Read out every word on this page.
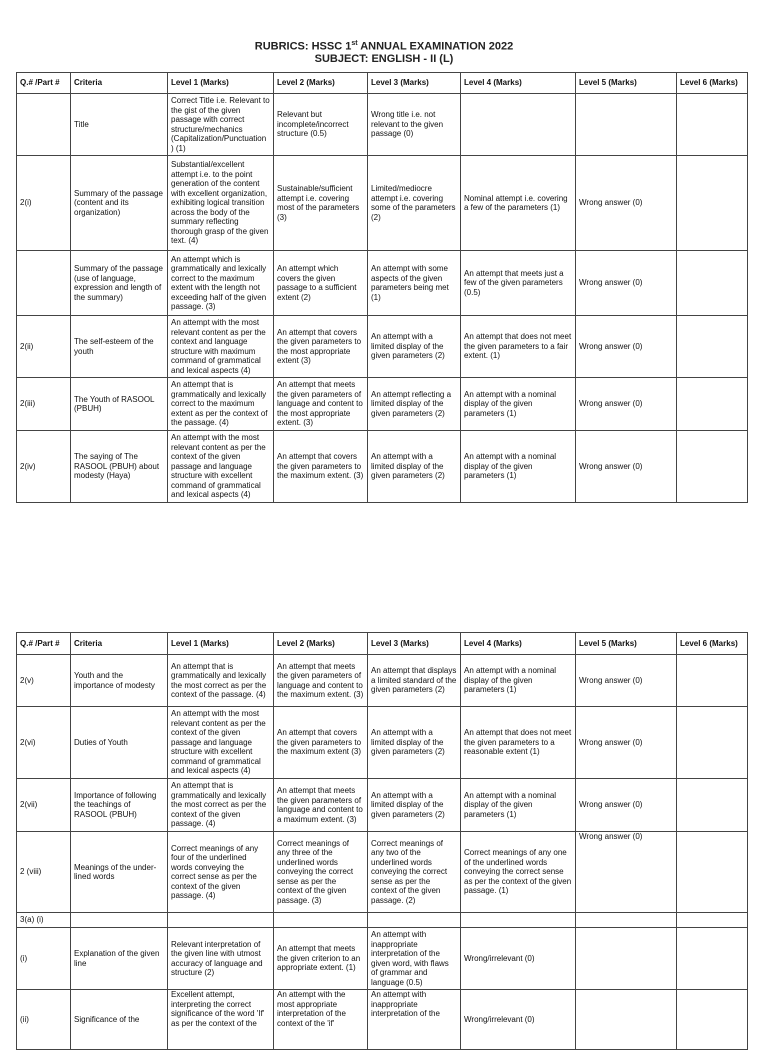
RUBRICS: HSSC 1st ANNUAL EXAMINATION 2022
SUBJECT: ENGLISH - II (L)
Q.# /Part #	Criteria	Level 1 (Marks)	Level 2 (Marks)	Level 3 (Marks)	Level 4 (Marks)	Level 5 (Marks)	Level 6 (Marks)
	Title	Correct Title i.e. Relevant to the gist of the given passage with correct structure/mechanics (Capitalization/Punctuation ) (1)	Relevant but incomplete/incorrect structure (0.5)	Wrong title i.e. not relevant to the given passage (0)			
2(i)	Summary of the passage (content and its organization)	Substantial/excellent attempt i.e. to the point generation of the content with excellent organization, exhibiting logical transition across the body of the summary reflecting thorough grasp of the given text. (4)	Sustainable/sufficient attempt i.e. covering most of the parameters (3)	Limited/mediocre attempt i.e. covering some of the parameters (2)	Nominal attempt i.e. covering a few of the parameters (1)	Wrong answer (0)	
	Summary of the passage (use of language, expression and length of the summary)	An attempt which is grammatically and lexically correct to the maximum extent with the length not exceeding half of the given passage. (3)	An attempt which covers the given passage to a sufficient extent (2)	An attempt with some aspects of the given parameters being met (1)	An attempt that meets just a few of the given parameters (0.5)	Wrong answer (0)	
2(ii)	The self-esteem of the youth	An attempt with the most relevant content as per the context and language structure with maximum command of grammatical and lexical aspects (4)	An attempt that covers the given parameters to the most appropriate extent (3)	An attempt with a limited display of the given parameters (2)	An attempt that does not meet the given parameters to a fair extent. (1)	Wrong answer (0)	
2(iii)	The Youth of RASOOL (PBUH)	An attempt that is grammatically and lexically correct to the maximum extent as per the context of the passage. (4)	An attempt that meets the given parameters of language and content to the most appropriate extent. (3)	An attempt reflecting a limited display of the given parameters (2)	An attempt with a nominal display of the given parameters (1)	Wrong answer (0)	
2(iv)	The saying of The RASOOL (PBUH) about modesty (Haya)	An attempt with the most relevant content as per the context of the given passage and language structure with excellent command of grammatical and lexical aspects (4)	An attempt that covers the given parameters to the maximum extent. (3)	An attempt with a limited display of the given parameters (2)	An attempt with a nominal display of the given parameters (1)	Wrong answer (0)	
Q.# /Part #	Criteria	Level 1 (Marks)	Level 2 (Marks)	Level 3 (Marks)	Level 4 (Marks)	Level 5 (Marks)	Level 6 (Marks)
2(v)	Youth and the importance of modesty	An attempt that is grammatically and lexically the most correct as per the context of the passage. (4)	An attempt that meets the given parameters of language and content to the maximum extent. (3)	An attempt that displays a limited standard of the given parameters (2)	An attempt with a nominal display of the given parameters (1)	Wrong answer (0)	
2(vi)	Duties of Youth	An attempt with the most relevant content as per the context of the given passage and language structure with excellent command of grammatical and lexical aspects (4)	An attempt that covers the given parameters to the maximum extent (3)	An attempt with a limited display of the given parameters (2)	An attempt that does not meet the given parameters to a reasonable extent (1)	Wrong answer (0)	
2(vii)	Importance of following the teachings of RASOOL (PBUH)	An attempt that is grammatically and lexically the most correct as per the context of the given passage. (4)	An attempt that meets the given parameters of language and content to a maximum extent. (3)	An attempt with a limited display of the given parameters (2)	An attempt with a nominal display of the given parameters (1)	Wrong answer (0)	
2 (viii)	Meanings of the under-lined words	Correct meanings of any four of the underlined words conveying the correct sense as per the context of the given passage. (4)	Correct meanings of any three of the underlined words conveying the correct sense as per the context of the given passage. (3)	Correct meanings of any two of the underlined words conveying the correct sense as per the context of the given passage. (2)	Correct meanings of any one of the underlined words conveying the correct sense as per the context of the given passage. (1)	Wrong answer (0)	
3(a) (i)							
(i)	Explanation of the given line	Relevant interpretation of the given line with utmost accuracy of language and structure (2)	An attempt that meets the given criterion to an appropriate extent. (1)	An attempt with inappropriate interpretation of the given word, with flaws of grammar and language (0.5)	Wrong/irrelevant (0)		
(ii)	Significance of the	Excellent attempt, interpreting the correct significance of the word 'If' as per the context of the	An attempt with the most appropriate interpretation of the context of the 'if'	An attempt with inappropriate interpretation of the	Wrong/irrelevant (0)		
